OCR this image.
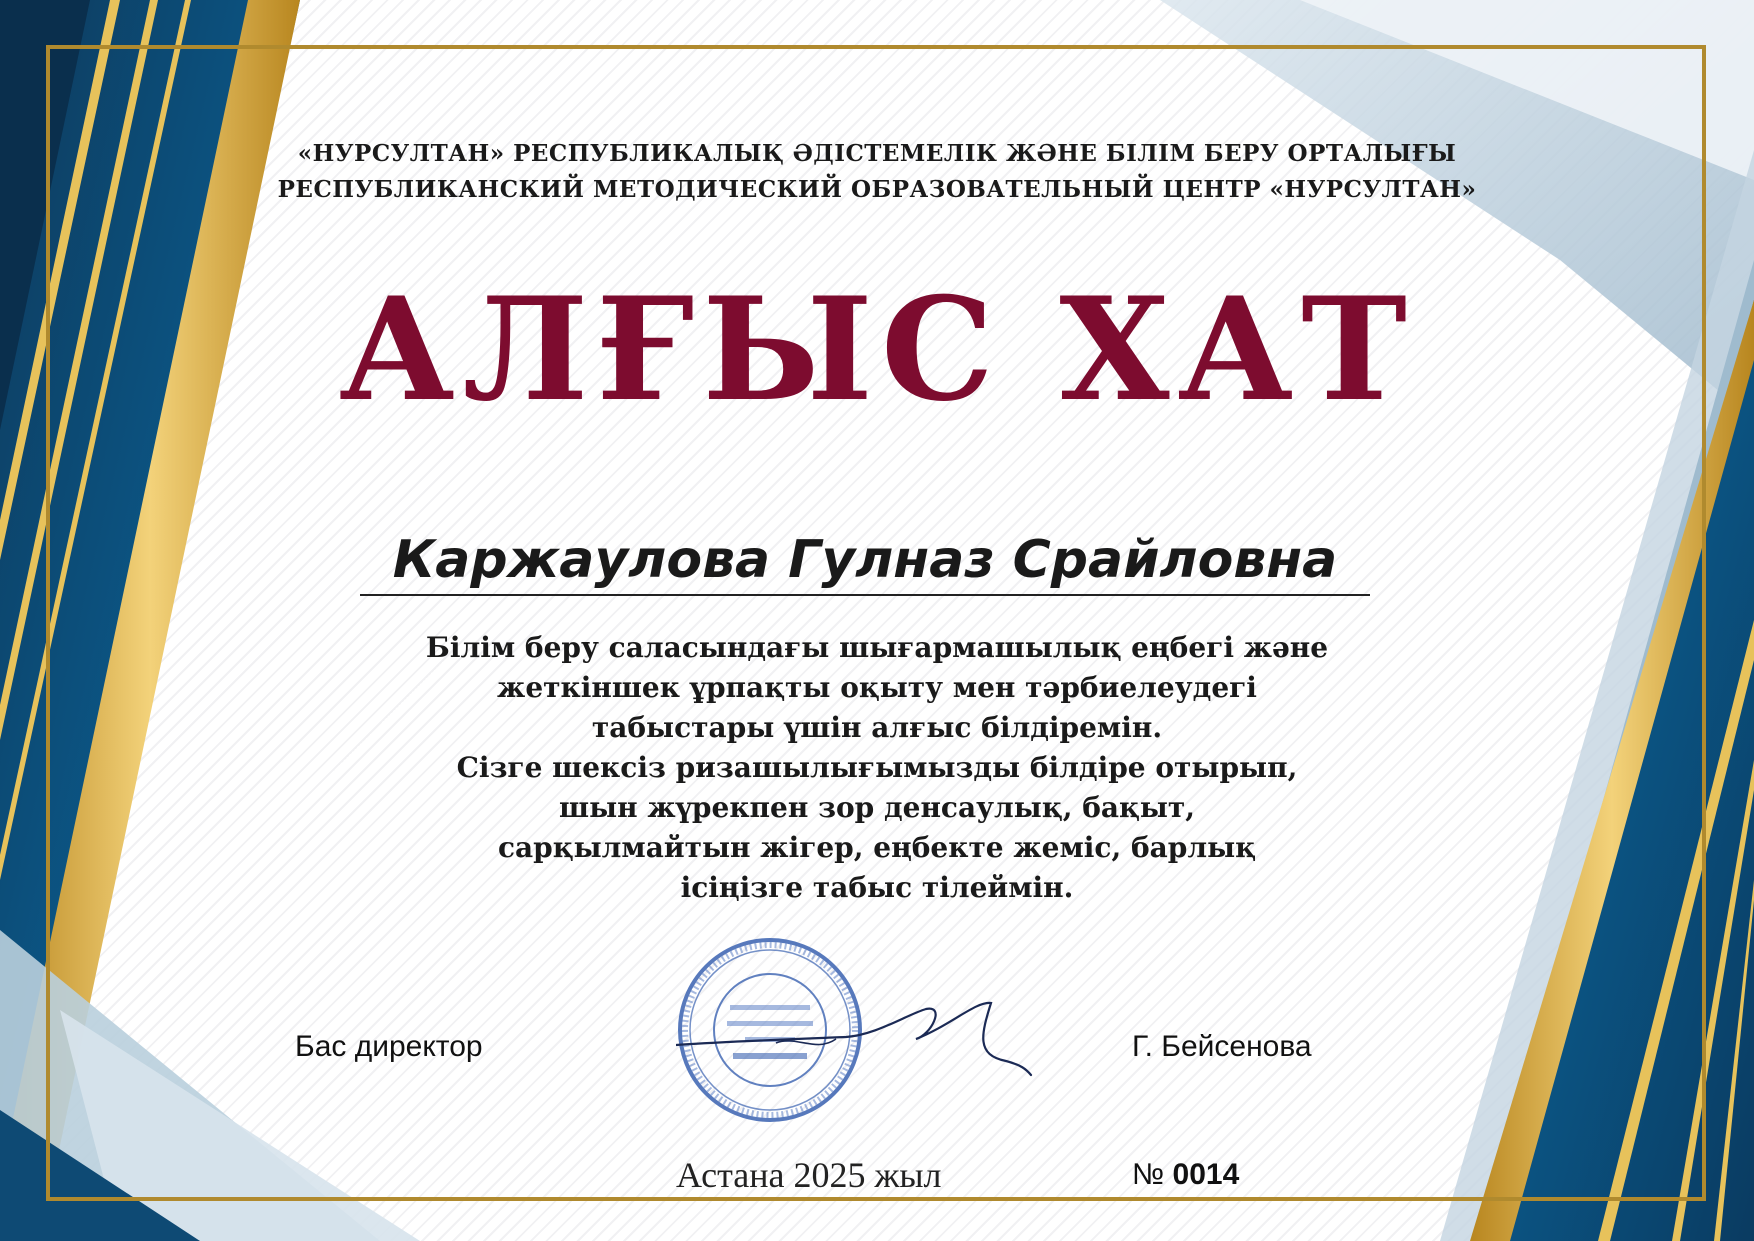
«НУРСУЛТАН» РЕСПУБЛИКАЛЫҚ ӘДІСТЕМЕЛІК ЖӘНЕ БІЛІМ БЕРУ ОРТАЛЫҒЫ
РЕСПУБЛИКАНСКИЙ МЕТОДИЧЕСКИЙ ОБРАЗОВАТЕЛЬНЫЙ ЦЕНТР «НУРСУЛТАН»
АЛҒЫС ХАТ
Каржаулова Гулназ Срайловна
Білім беру саласындағы шығармашылық еңбегі және
жеткіншек ұрпақты оқыту мен тәрбиелеудегі
табыстары үшін алғыс білдіремін.
Сізге шексіз ризашылығымызды білдіре отырып,
шын жүрекпен зор денсаулық, бақыт,
сарқылмайтын жігер, еңбекте жеміс, барлық
ісіңізге табыс тілеймін.
Бас директор	Г. Бейсенова
Астана 2025 жыл	№ 0014
